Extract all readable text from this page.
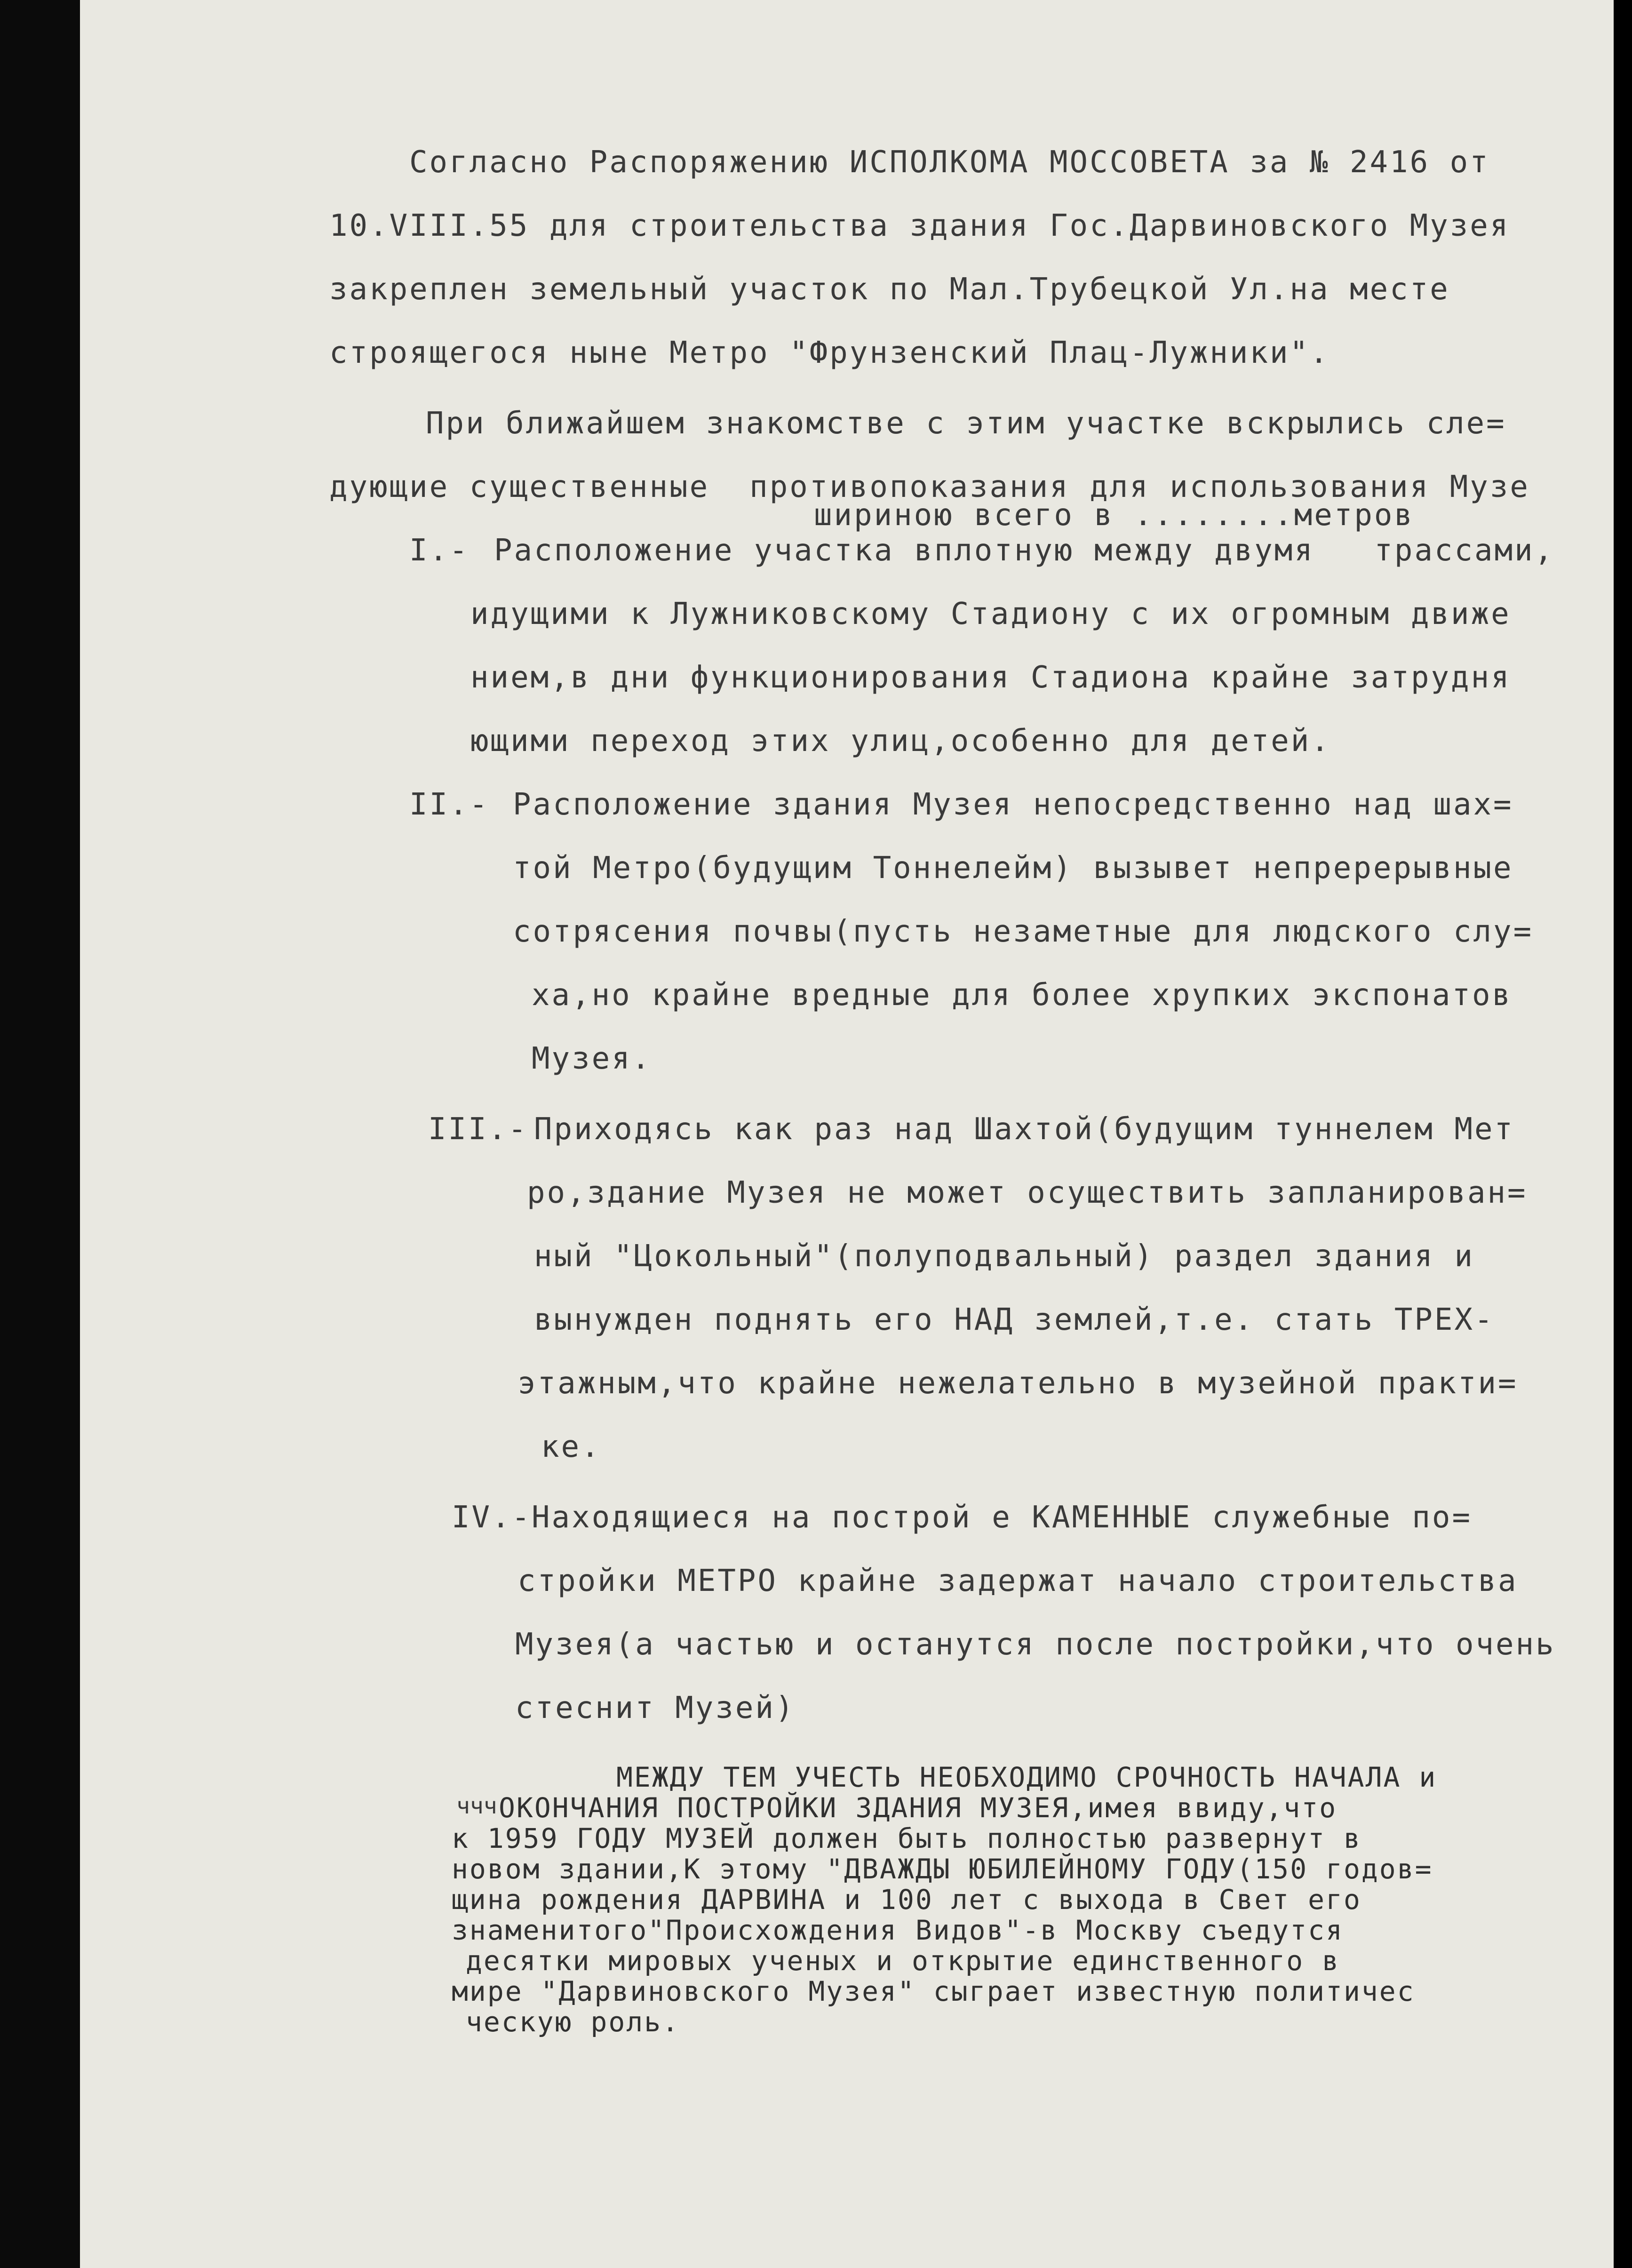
Согласно Распоряжению ИСПОЛКОМА МОССОВЕТА за № 2416 от

10.VIII.55 для строительства здания Гос.Дарвиновского Музея

закреплен земельный участок по Мал.Трубецкой Ул.на месте

строящегося ныне Метро "Фрунзенский Плац-Лужники".

При ближайшем знакомстве с этим участке вскрылись сле=

дующие существенные  противопоказания для использования Музе

шириною всего в ........метров

I.- Расположение участка вплотную между двумя   трассами,

идущими к Лужниковскому Стадиону с их огромным движе

нием,в дни функционирования Стадиона крайне затрудня

ющими переход этих улиц,особенно для детей.

II.- Расположение здания Музея непосредственно над шах=

той Метро(будущим Тоннелейм) вызывет непререрывные

сотрясения почвы(пусть незаметные для людского слу=

ха,но крайне вредные для более хрупких экспонатов

Музея.

III.- Приходясь как раз над Шахтой(будущим туннелем Мет

ро,здание Музея не может осуществить запланирован=

ный "Цокольный"(полуподвальный) раздел здания и

вынужден поднять его НАД землей,т.е. стать ТРЕХ-

этажным,что крайне нежелательно в музейной практи=

ке.

IV.- Находящиеся на построй е КАМЕННЫЕ служебные по=

стройки МЕТРО крайне задержат начало строительства

Музея(а частью и останутся после постройки,что очень

стеснит Музей)

ччч

МЕЖДУ ТЕМ УЧЕСТЬ НЕОБХОДИМО СРОЧНОСТЬ НАЧАЛА и

ОКОНЧАНИЯ ПОСТРОЙКИ ЗДАНИЯ МУЗЕЯ,имея ввиду,что

к 1959 ГОДУ МУЗЕЙ должен быть полностью развернут в

новом здании,К этому "ДВАЖДЫ ЮБИЛЕЙНОМУ ГОДУ(150 годов=

щина рождения ДАРВИНА и 100 лет с выхода в Свет его

знаменитого"Происхождения Видов"-в Москву съедутся

десятки мировых ученых и открытие единственного в

мире "Дарвиновского Музея" сыграет известную политичес

ческую роль.
